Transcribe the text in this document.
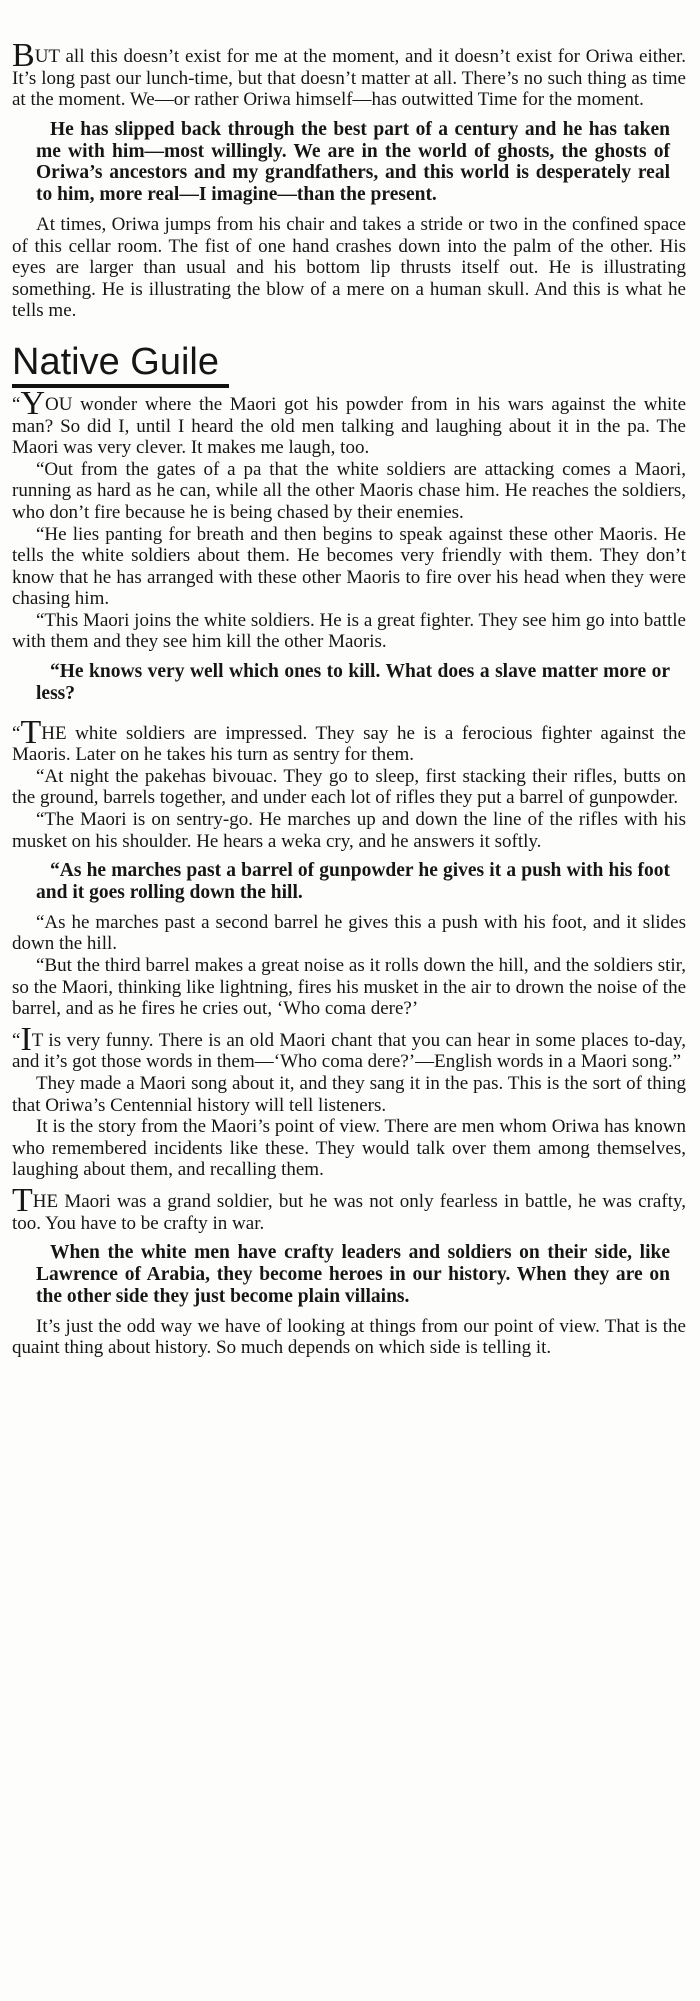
BUT all this doesn’t exist for me at the moment, and it doesn’t exist for Oriwa either. It’s long past our lunch-time, but that doesn’t matter at all. There’s no such thing as time at the moment. We—or rather Oriwa himself—has outwitted Time for the moment.

He has slipped back through the best part of a century and he has taken me with him—most willingly. We are in the world of ghosts, the ghosts of Oriwa’s ancestors and my grandfathers, and this world is desperately real to him, more real—I imagine—than the present.

At times, Oriwa jumps from his chair and takes a stride or two in the confined space of this cellar room. The fist of one hand crashes down into the palm of the other. His eyes are larger than usual and his bottom lip thrusts itself out. He is illustrating something. He is illustrating the blow of a mere on a human skull. And this is what he tells me.

Native Guile

“YOU wonder where the Maori got his powder from in his wars against the white man? So did I, until I heard the old men talking and laughing about it in the pa. The Maori was very clever. It makes me laugh, too.

“Out from the gates of a pa that the white soldiers are attacking comes a Maori, running as hard as he can, while all the other Maoris chase him. He reaches the soldiers, who don’t fire because he is being chased by their enemies.

“He lies panting for breath and then begins to speak against these other Maoris. He tells the white soldiers about them. He becomes very friendly with them. They don’t know that he has arranged with these other Maoris to fire over his head when they were chasing him.

“This Maori joins the white soldiers. He is a great fighter. They see him go into battle with them and they see him kill the other Maoris.

“He knows very well which ones to kill. What does a slave matter more or less?

“THE white soldiers are impressed. They say he is a ferocious fighter against the Maoris. Later on he takes his turn as sentry for them.

“At night the pakehas bivouac. They go to sleep, first stacking their rifles, butts on the ground, barrels together, and under each lot of rifles they put a barrel of gunpowder.

“The Maori is on sentry-go. He marches up and down the line of the rifles with his musket on his shoulder. He hears a weka cry, and he answers it softly.

“As he marches past a barrel of gunpowder he gives it a push with his foot and it goes rolling down the hill.

“As he marches past a second barrel he gives this a push with his foot, and it slides down the hill.

“But the third barrel makes a great noise as it rolls down the hill, and the soldiers stir, so the Maori, thinking like lightning, fires his musket in the air to drown the noise of the barrel, and as he fires he cries out, ‘Who coma dere?’

“IT is very funny. There is an old Maori chant that you can hear in some places to-day, and it’s got those words in them—‘Who coma dere?’—English words in a Maori song.”

They made a Maori song about it, and they sang it in the pas. This is the sort of thing that Oriwa’s Centennial history will tell listeners.

It is the story from the Maori’s point of view. There are men whom Oriwa has known who remembered incidents like these. They would talk over them among themselves, laughing about them, and recalling them.

THE Maori was a grand soldier, but he was not only fearless in battle, he was crafty, too. You have to be crafty in war.

When the white men have crafty leaders and soldiers on their side, like Lawrence of Arabia, they become heroes in our history. When they are on the other side they just become plain villains.

It’s just the odd way we have of looking at things from our point of view. That is the quaint thing about history. So much depends on which side is telling it.
